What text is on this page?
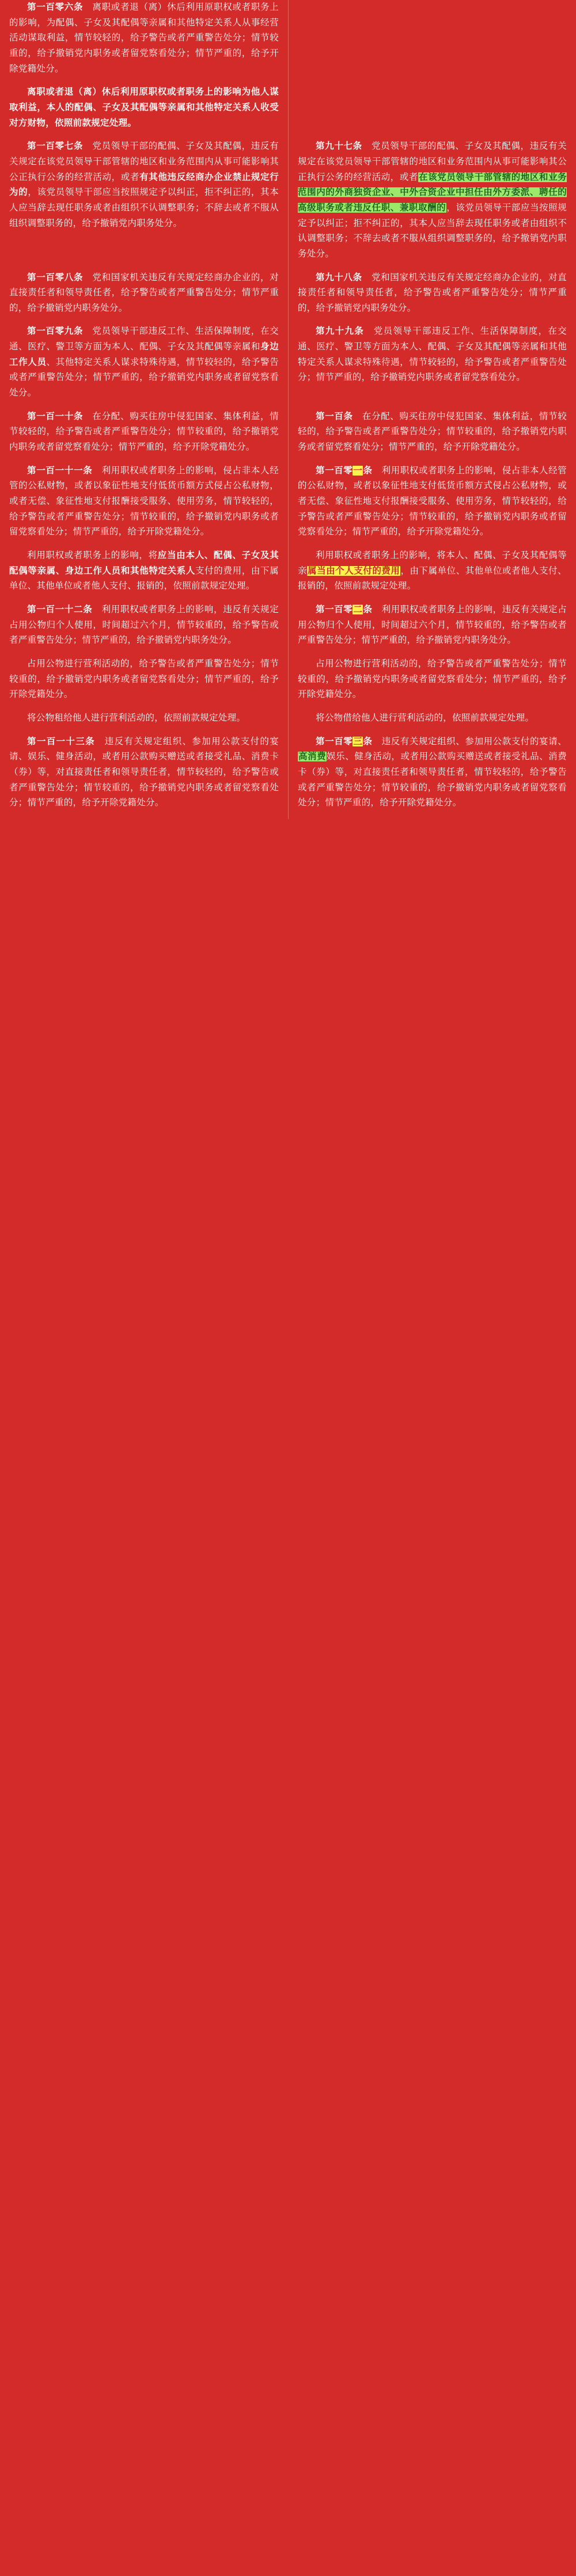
第一百零六条　离职或者退（离）休后利用原职权或者职务上的影响，为配偶、子女及其配偶等亲属和其他特定关系人从事经营活动谋取利益，情节较轻的，给予警告或者严重警告处分；情节较重的，给予撤销党内职务或者留党察看处分；情节严重的，给予开除党籍处分。

离职或者退（离）休后利用原职权或者职务上的影响为他人谋取利益，本人的配偶、子女及其配偶等亲属和其他特定关系人收受对方财物，依照前款规定处理。

第一百零七条　党员领导干部的配偶、子女及其配偶，违反有关规定在该党员领导干部管辖的地区和业务范围内从事可能影响其公正执行公务的经营活动，或者有其他违反经商办企业禁止规定行为的，该党员领导干部应当按照规定予以纠正，拒不纠正的，其本人应当辞去现任职务或者由组织不认调整职务；不辞去或者不服从组织调整职务的，给予撤销党内职务处分。

第九十七条　党员领导干部的配偶、子女及其配偶，违反有关规定在该党员领导干部管辖的地区和业务范围内从事可能影响其公正执行公务的经营活动，或者在该党员领导干部管辖的地区和业务范围内的外商独资企业、中外合资企业中担任由外方委派、聘任的高级职务或者违反任职、兼职取酬的，该党员领导干部应当按照规定予以纠正；拒不纠正的，其本人应当辞去现任职务或者由组织不认调整职务；不辞去或者不服从组织调整职务的，给予撤销党内职务处分。

第一百零八条　党和国家机关违反有关规定经商办企业的，对直接责任者和领导责任者，给予警告或者严重警告处分；情节严重的，给予撤销党内职务处分。

第九十八条　党和国家机关违反有关规定经商办企业的，对直接责任者和领导责任者，给予警告或者严重警告处分；情节严重的，给予撤销党内职务处分。

第一百零九条　党员领导干部违反工作、生活保障制度，在交通、医疗、警卫等方面为本人、配偶、子女及其配偶等亲属和身边工作人员、其他特定关系人谋求特殊待遇，情节较轻的，给予警告或者严重警告处分；情节严重的，给予撤销党内职务或者留党察看处分。

第九十九条　党员领导干部违反工作、生活保障制度，在交通、医疗、警卫等方面为本人、配偶、子女及其配偶等亲属和其他特定关系人谋求特殊待遇，情节较轻的，给予警告或者严重警告处分；情节严重的，给予撤销党内职务或者留党察看处分。

第一百一十条　在分配、购买住房中侵犯国家、集体利益，情节较轻的，给予警告或者严重警告处分；情节较重的，给予撤销党内职务或者留党察看处分；情节严重的，给予开除党籍处分。

第一百条　在分配、购买住房中侵犯国家、集体利益，情节较轻的，给予警告或者严重警告处分；情节较重的，给予撤销党内职务或者留党察看处分；情节严重的，给予开除党籍处分。

第一百一十一条　利用职权或者职务上的影响，侵占非本人经管的公私财物，或者以象征性地支付低货币额方式侵占公私财物，或者无偿、象征性地支付报酬接受服务、使用劳务，情节较轻的，给予警告或者严重警告处分；情节较重的，给予撤销党内职务或者留党察看处分；情节严重的，给予开除党籍处分。

利用职权或者职务上的影响，将应当由本人、配偶、子女及其配偶等亲属、身边工作人员和其他特定关系人支付的费用，由下属单位、其他单位或者他人支付、报销的，依照前款规定处理。

第一百零一条　利用职权或者职务上的影响，侵占非本人经管的公私财物，或者以象征性地支付低货币额方式侵占公私财物，或者无偿、象征性地支付报酬接受服务、使用劳务，情节较轻的，给予警告或者严重警告处分；情节较重的，给予撤销党内职务或者留党察看处分；情节严重的，给予开除党籍处分。

利用职权或者职务上的影响，将本人、配偶、子女及其配偶等亲属当由个人支付的费用，由下属单位、其他单位或者他人支付、报销的，依照前款规定处理。

第一百一十二条　利用职权或者职务上的影响，违反有关规定占用公物归个人使用，时间超过六个月，情节较重的，给予警告或者严重警告处分；情节严重的，给予撤销党内职务处分。

占用公物进行营利活动的，给予警告或者严重警告处分；情节较重的，给予撤销党内职务或者留党察看处分；情节严重的，给予开除党籍处分。

将公物租给他人进行营利活动的，依照前款规定处理。

第一百零二条　利用职权或者职务上的影响，违反有关规定占用公物归个人使用，时间超过六个月，情节较重的，给予警告或者严重警告处分；情节严重的，给予撤销党内职务处分。

占用公物进行营利活动的，给予警告或者严重警告处分；情节较重的，给予撤销党内职务或者留党察看处分；情节严重的，给予开除党籍处分。

将公物借给他人进行营利活动的，依照前款规定处理。

第一百一十三条　违反有关规定组织、参加用公款支付的宴请、娱乐、健身活动，或者用公款购买赠送或者接受礼品、消费卡（券）等，对直接责任者和领导责任者，情节较轻的，给予警告或者严重警告处分；情节较重的，给予撤销党内职务或者留党察看处分；情节严重的，给予开除党籍处分。

第一百零三条　违反有关规定组织、参加用公款支付的宴请、高消费娱乐、健身活动，或者用公款购买赠送或者接受礼品、消费卡（券）等，对直接责任者和领导责任者，情节较轻的，给予警告或者严重警告处分；情节较重的，给予撤销党内职务或者留党察看处分；情节严重的，给予开除党籍处分。
